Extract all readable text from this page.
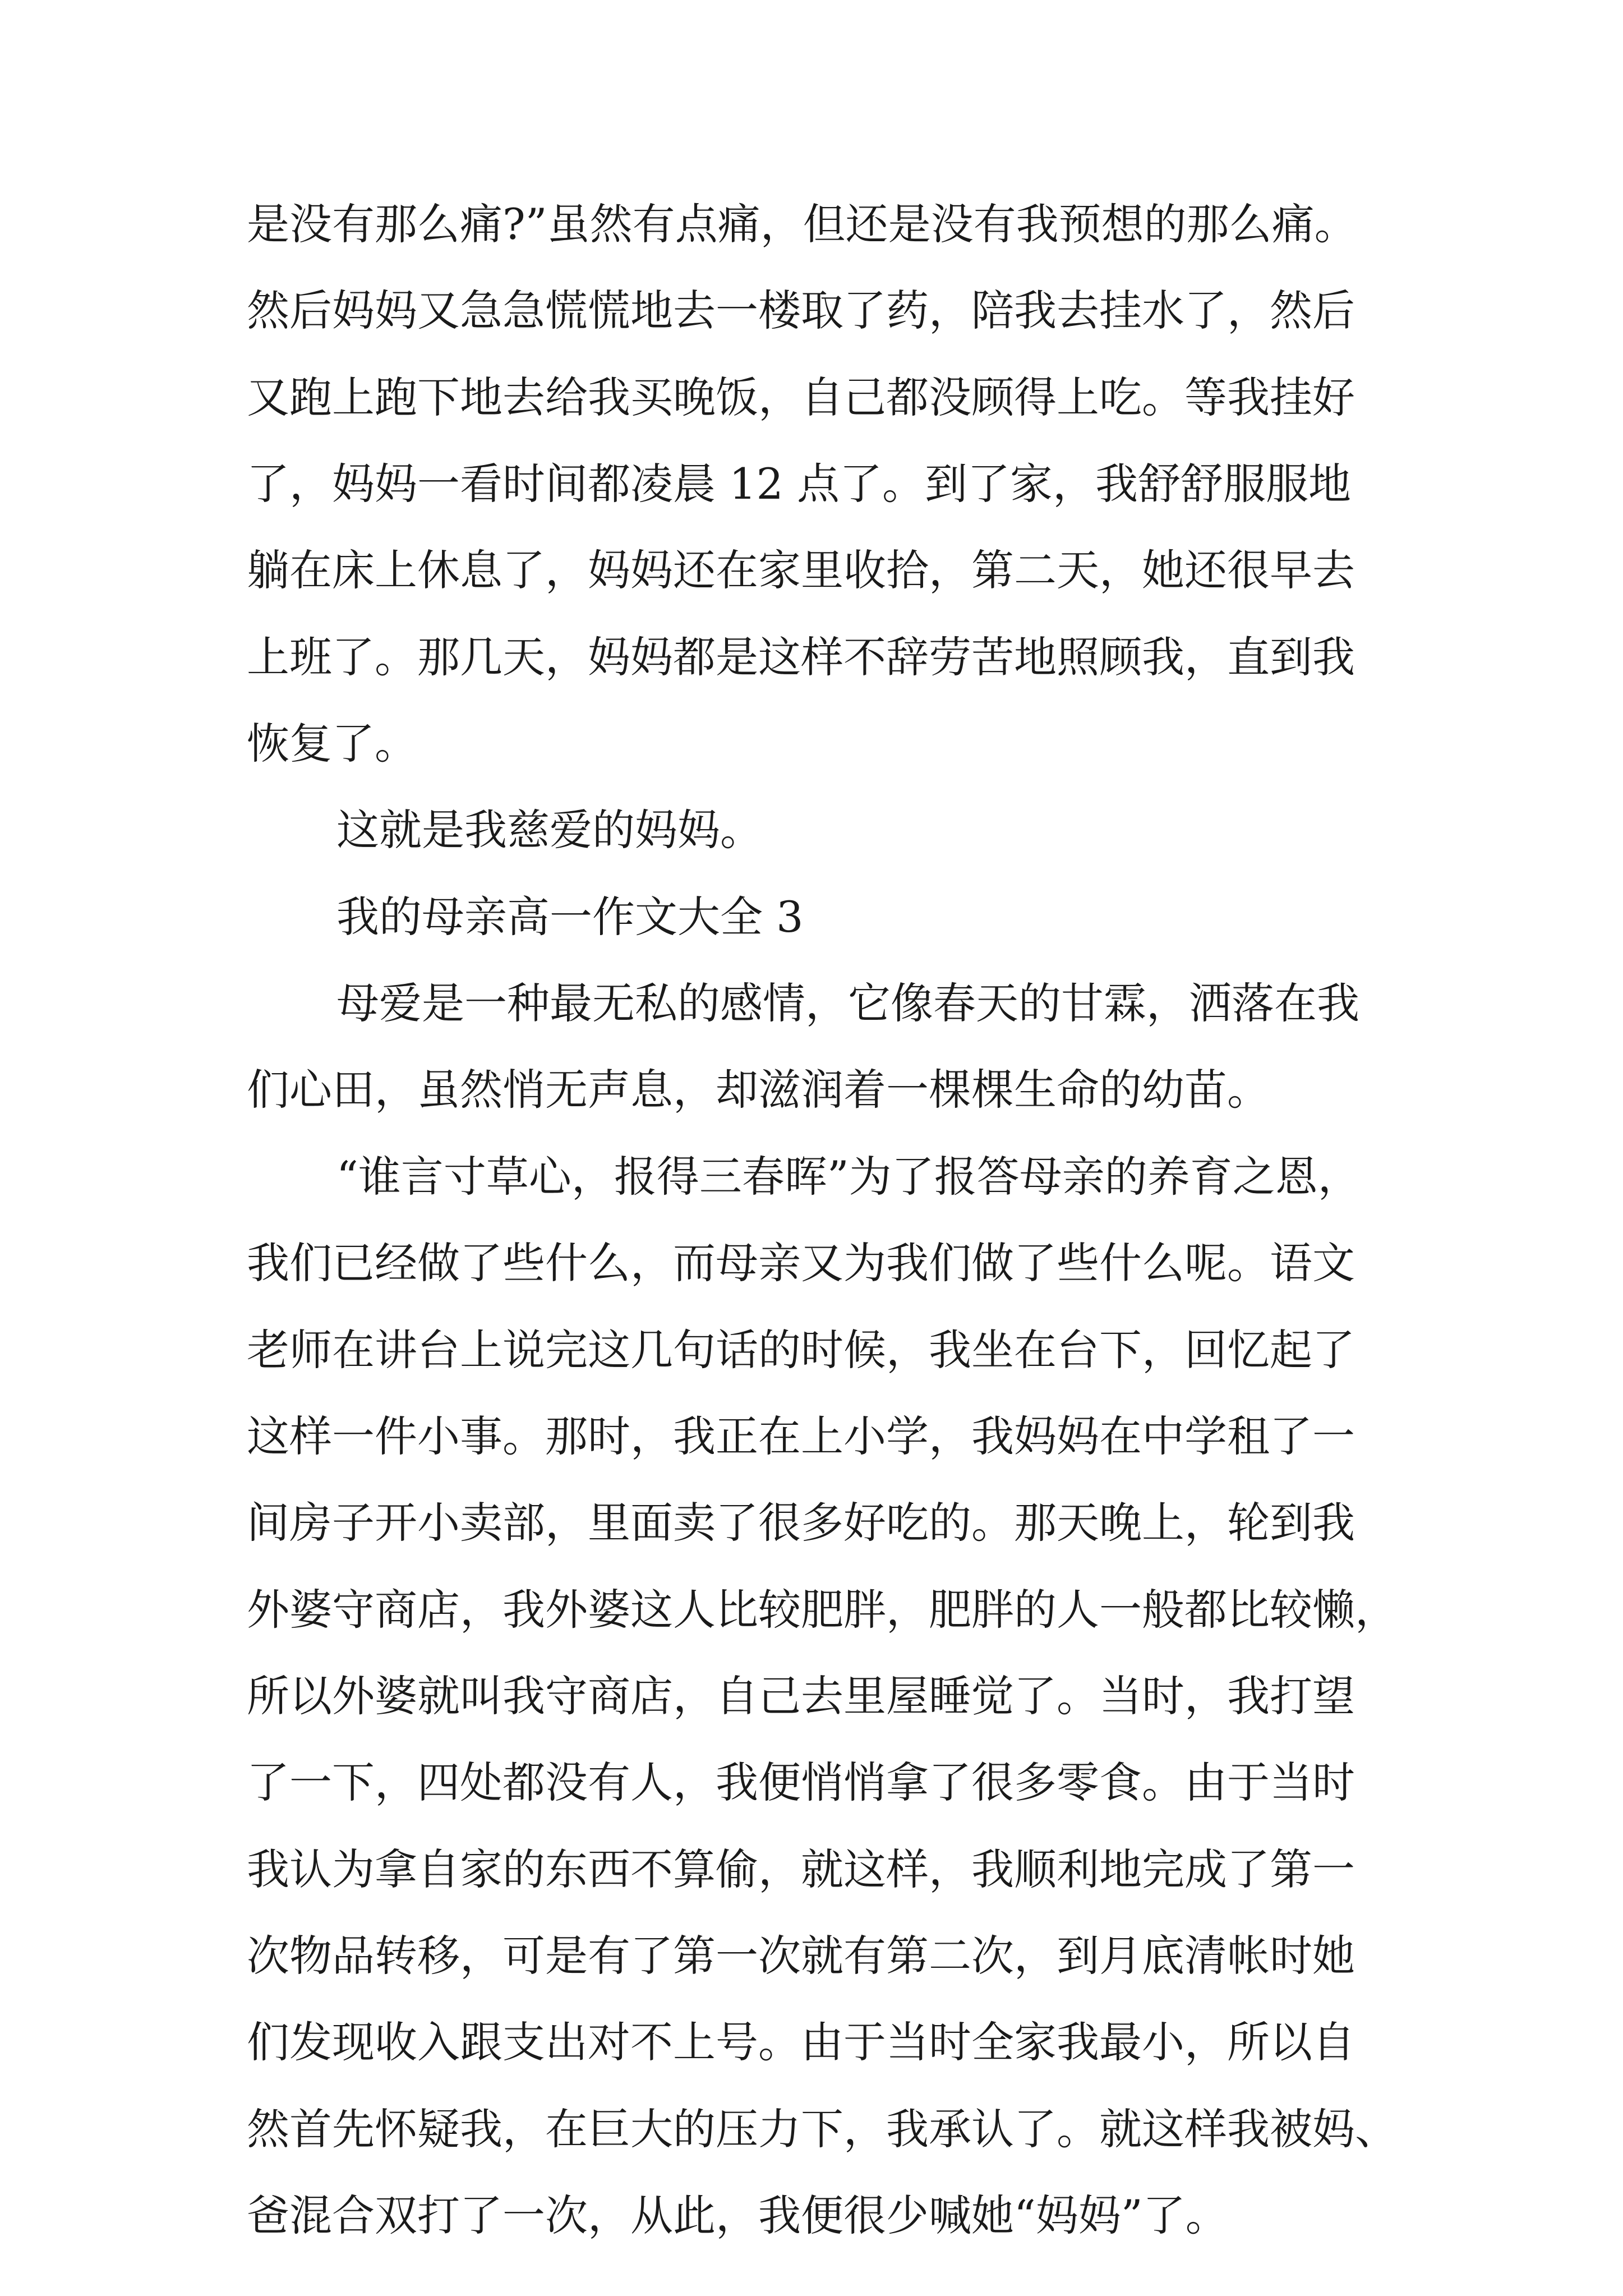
是没有那么痛?”虽然有点痛，但还是没有我预想的那么痛。

然后妈妈又急急慌慌地去一楼取了药，陪我去挂水了，然后

又跑上跑下地去给我买晚饭，自己都没顾得上吃。等我挂好

了，妈妈一看时间都凌晨 12 点了。到了家，我舒舒服服地

躺在床上休息了，妈妈还在家里收拾，第二天，她还很早去

上班了。那几天，妈妈都是这样不辞劳苦地照顾我，直到我

恢复了。

这就是我慈爱的妈妈。

我的母亲高一作文大全 3

母爱是一种最无私的感情，它像春天的甘霖，洒落在我

们心田，虽然悄无声息，却滋润着一棵棵生命的幼苗。

“谁言寸草心，报得三春晖”为了报答母亲的养育之恩，

我们已经做了些什么，而母亲又为我们做了些什么呢。语文

老师在讲台上说完这几句话的时候，我坐在台下，回忆起了

这样一件小事。那时，我正在上小学，我妈妈在中学租了一

间房子开小卖部，里面卖了很多好吃的。那天晚上，轮到我

外婆守商店，我外婆这人比较肥胖，肥胖的人一般都比较懒，

所以外婆就叫我守商店，自己去里屋睡觉了。当时，我打望

了一下，四处都没有人，我便悄悄拿了很多零食。由于当时

我认为拿自家的东西不算偷，就这样，我顺利地完成了第一

次物品转移，可是有了第一次就有第二次，到月底清帐时她

们发现收入跟支出对不上号。由于当时全家我最小，所以自

然首先怀疑我，在巨大的压力下，我承认了。就这样我被妈、

爸混合双打了一次，从此，我便很少喊她“妈妈”了。
